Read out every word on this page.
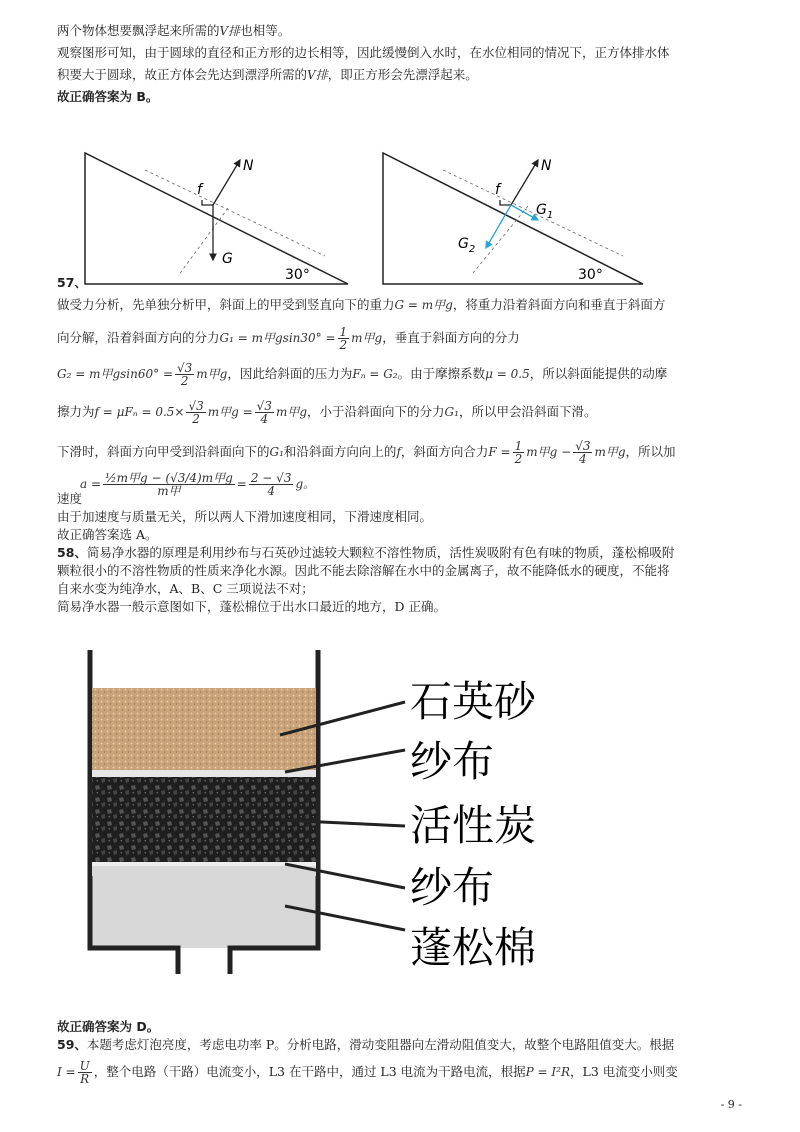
两个物体想要飘浮起来所需的V排也相等。
观察图形可知，由于圆球的直径和正方形的边长相等，因此缓慢倒入水时，在水位相同的情况下，正方体排水体
积要大于圆球，故正方体会先达到漂浮所需的V排，即正方形会先漂浮起来。
故正确答案为 B。
57、
N
f
G
30°
N
f
$G_1$
$G_2$
30°
做受力分析，先单独分析甲，斜面上的甲受到竖直向下的重力G = m甲g，将重力沿着斜面方向和垂直于斜面方
向分解，沿着斜面方向的分力G₁ = m甲$gsin30^\circ = \frac{1}{2}$ m甲g，垂直于斜面方向的分力
G₂ = m甲$gsin60^\circ = \frac{√3}{2}$ m甲g，因此给斜面的压力为Fₙ = G₂。由于摩擦系数μ = 0.5，所以斜面能提供的动摩
擦力为$f = \mu F_n = 0.5\times \frac{√3}{2}$ m甲$g = \frac{√3}{4}$ m甲g，小于沿斜面向下的分力G₁，所以甲会沿斜面下滑。
下滑时，斜面方向甲受到沿斜面向下的G₁和沿斜面方向向上的f，斜面方向合力$F = \frac{1}{2}$ m甲$g - \frac{√3}{4}$ m甲g，所以加
$a = \frac{\text{½m甲g − (√3/4)m甲g}}{\text{m甲}} = \frac{2 - √3}{4}$ g。
速度
由于加速度与质量无关，所以两人下滑加速度相同，下滑速度相同。
故正确答案选 A。
58、简易净水器的原理是利用纱布与石英砂过滤较大颗粒不溶性物质，活性炭吸附有色有味的物质，蓬松棉吸附
颗粒很小的不溶性物质的性质来净化水源。因此不能去除溶解在水中的金属离子，故不能降低水的硬度，不能将
自来水变为纯净水，A、B、C 三项说法不对；
简易净水器一般示意图如下，蓬松棉位于出水口最近的地方，D 正确。
石英砂
纱布
活性炭
纱布
蓬松棉
故正确答案为 D。
59、本题考虑灯泡亮度，考虑电功率 P。分析电路，滑动变阻器向左滑动阻值变大，故整个电路阻值变大。根据
$I = \frac{U}{R}$ ，整个电路（干路）电流变小，L3 在干路中，通过 L3 电流为干路电流，根据P = I²R，L3 电流变小则变
- 9 -
